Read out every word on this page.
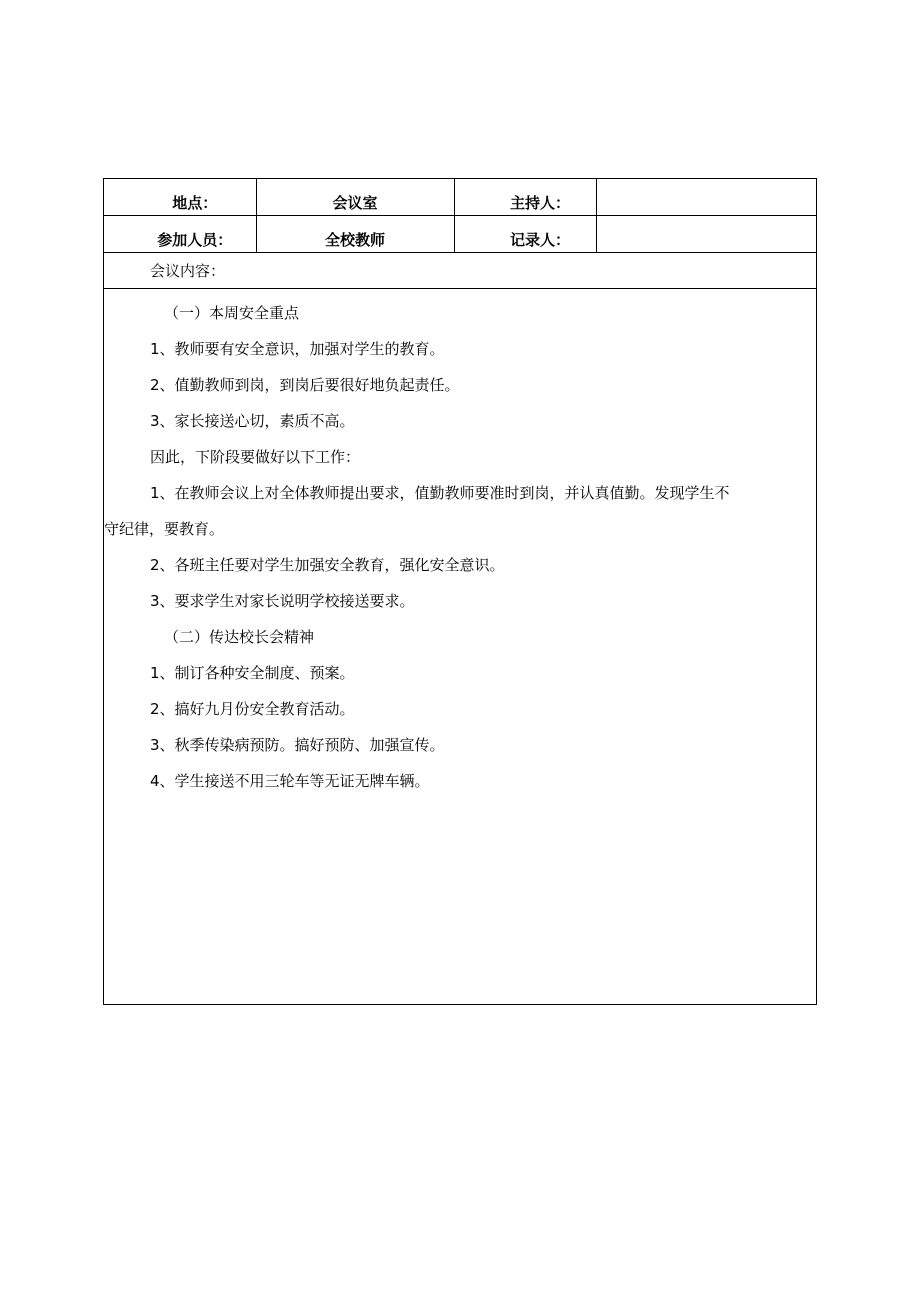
地点：	会议室	主持人：	
参加人员：	全校教师	记录人：	
会议内容：

（一）本周安全重点

1、教师要有安全意识，加强对学生的教育。

2、值勤教师到岗，到岗后要很好地负起责任。

3、家长接送心切，素质不高。

因此，下阶段要做好以下工作：

1、在教师会议上对全体教师提出要求，值勤教师要准时到岗，并认真值勤。发现学生不

守纪律，要教育。

2、各班主任要对学生加强安全教育，强化安全意识。

3、要求学生对家长说明学校接送要求。

（二）传达校长会精神

1、制订各种安全制度、预案。

2、搞好九月份安全教育活动。

3、秋季传染病预防。搞好预防、加强宣传。

4、学生接送不用三轮车等无证无牌车辆。
